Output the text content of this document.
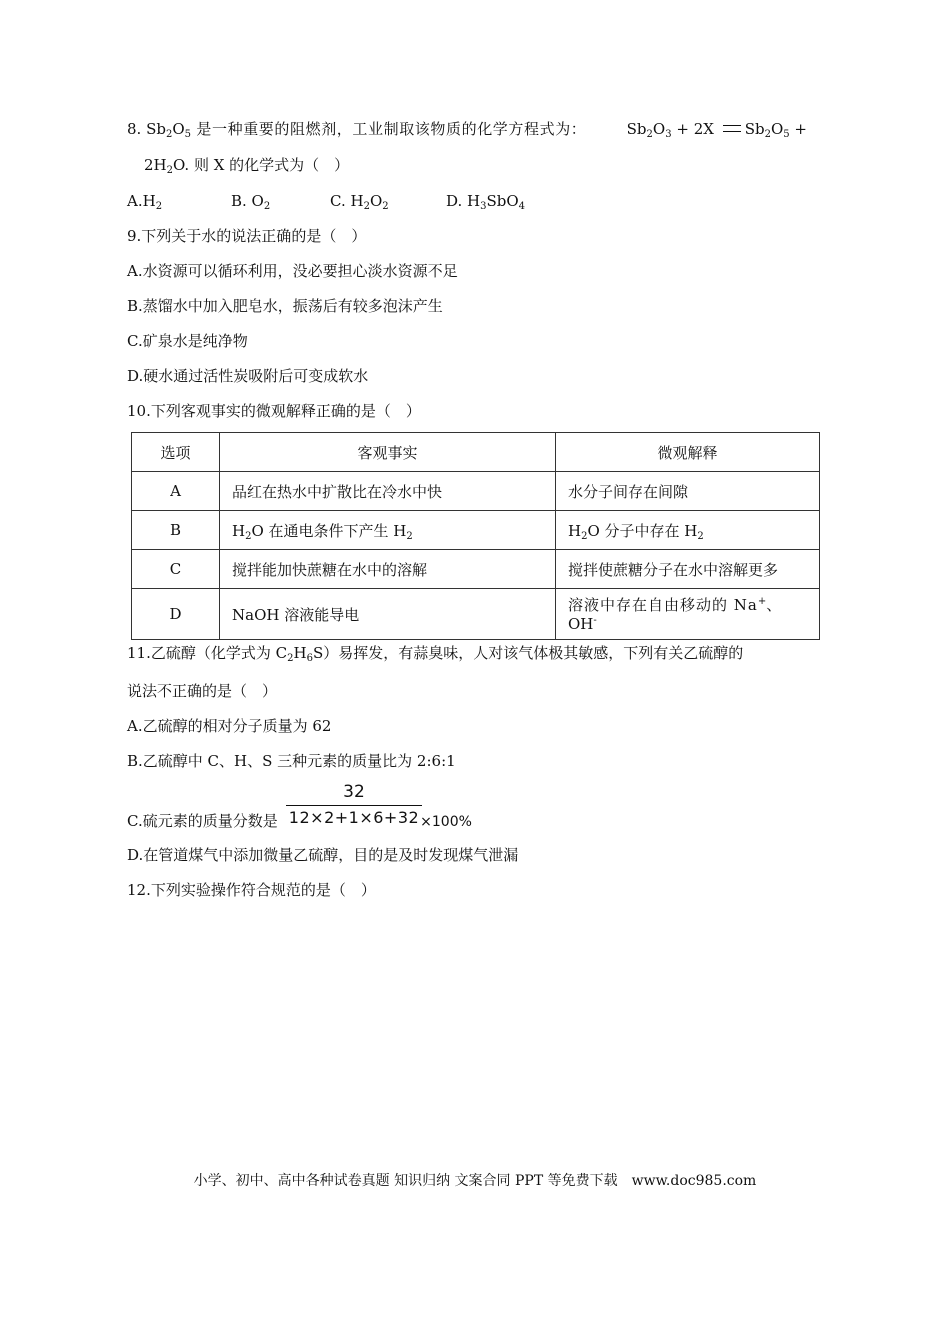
8. $Sb_2O_5$ 是一种重要的阻燃剂，工业制取该物质的化学方程式为：	$Sb_2O_3 + 2X$ $Sb_2O_5$ +
$2H_2O$. 则 X 的化学式为（　）
$A.H_2$	B. $O_2$	C. $H_2O_2$	D. $H_3SbO_4$
9.下列关于水的说法正确的是（　）
A.水资源可以循环利用，没必要担心淡水资源不足
B.蒸馏水中加入肥皂水，振荡后有较多泡沫产生
C.矿泉水是纯净物
D.硬水通过活性炭吸附后可变成软水
10.下列客观事实的微观解释正确的是（　）
选项	客观事实	微观解释
A	品红在热水中扩散比在冷水中快	水分子间存在间隙
B	$H_2O$ 在通电条件下产生 $H_2$	$H_2O$ 分子中存在 $H_2$
C	搅拌能加快蔗糖在水中的溶解	搅拌使蔗糖分子在水中溶解更多
D	NaOH 溶液能导电	溶液中存在自由移动的 Na+、
OH-
11.乙硫醇（化学式为 $C_2H_6S$）易挥发，有蒜臭味，人对该气体极其敏感，下列有关乙硫醇的
说法不正确的是（　）
A.乙硫醇的相对分子质量为 62
B.乙硫醇中 C、H、S 三种元素的质量比为 2:6:1
32
12×2+1×6+32
C.硫元素的质量分数是	×100%
D.在管道煤气中添加微量乙硫醇，目的是及时发现煤气泄漏
12.下列实验操作符合规范的是（　）
小学、初中、高中各种试卷真题 知识归纳 文案合同 PPT 等免费下载　www.doc985.com
